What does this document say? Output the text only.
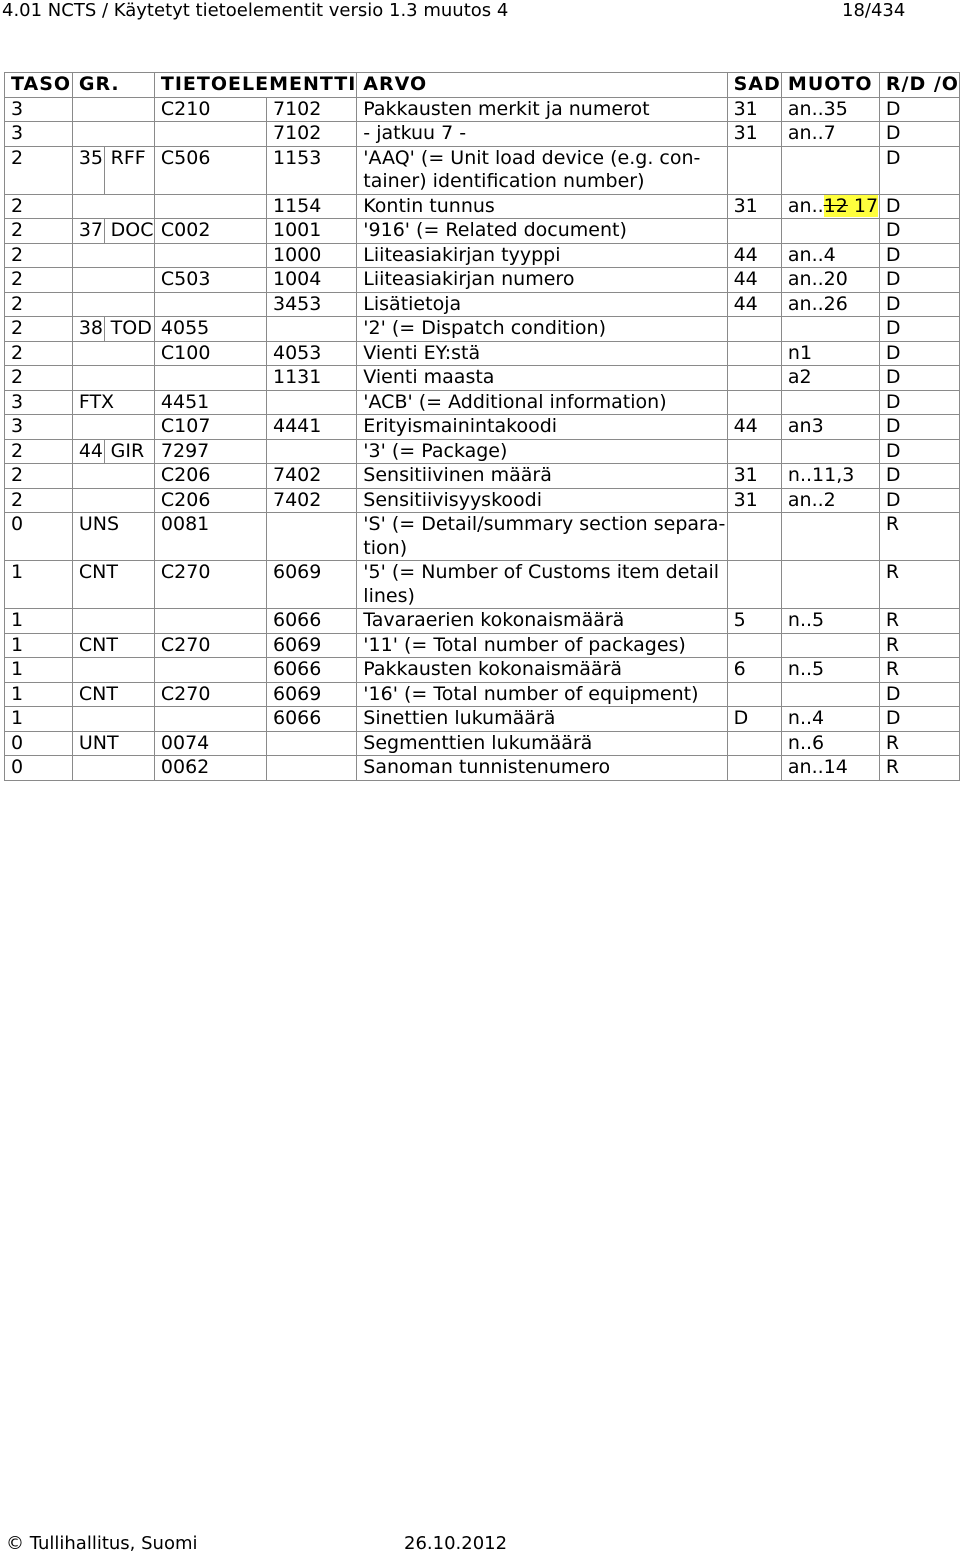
4.01 NCTS / Käytetyt tietoelementit versio 1.3 muutos 4	18/434
TASO	GR.		TIETOELEMENTTI		ARVO	SAD	MUOTO	R/D /O
3			C210	7102	Pakkausten merkit ja numerot	31	an..35	D
3				7102	- jatkuu 7 -	31	an..7	D
2	35	RFF	C506	1153	'AAQ' (= Unit load device (e.g. con-
tainer) identification number)			D
2				1154	Kontin tunnus	31	an..12 17	D
2	37	DOC	C002	1001	'916' (= Related document)			D
2				1000	Liiteasiakirjan tyyppi	44	an..4	D
2			C503	1004	Liiteasiakirjan numero	44	an..20	D
2				3453	Lisätietoja	44	an..26	D
2	38	TOD	4055		'2' (= Dispatch condition)			D
2			C100	4053	Vienti EY:stä		n1	D
2				1131	Vienti maasta		a2	D
3	FTX		4451		'ACB' (= Additional information)			D
3			C107	4441	Erityismainintakoodi	44	an3	D
2	44	GIR	7297		'3' (= Package)			D
2			C206	7402	Sensitiivinen määrä	31	n..11,3	D
2			C206	7402	Sensitiivisyyskoodi	31	an..2	D
0	UNS		0081		'S' (= Detail/summary section separa-
tion)			R
1	CNT		C270	6069	'5' (= Number of Customs item detail
lines)			R
1				6066	Tavaraerien kokonaismäärä	5	n..5	R
1	CNT		C270	6069	'11' (= Total number of packages)			R
1				6066	Pakkausten kokonaismäärä	6	n..5	R
1	CNT		C270	6069	'16' (= Total number of equipment)			D
1				6066	Sinettien lukumäärä	D	n..4	D
0	UNT		0074		Segmenttien lukumäärä		n..6	R
0			0062		Sanoman tunnistenumero		an..14	R
© Tullihallitus, Suomi	26.10.2012
